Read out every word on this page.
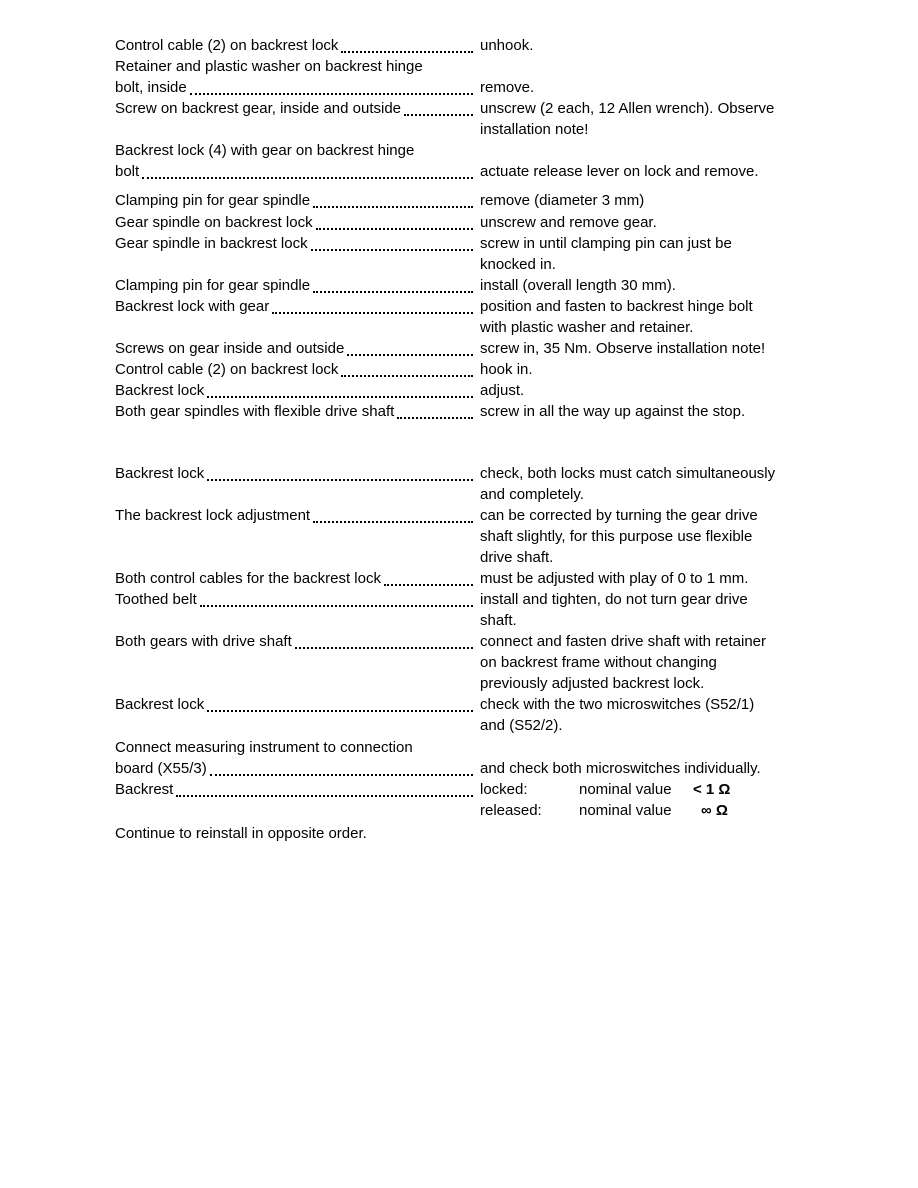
Control cable (2) on backrest lock	unhook.
Retainer and plastic washer on backrest hinge
bolt, inside	remove.
Screw on backrest gear, inside and outside	unscrew (2 each, 12 Allen wrench). Observe
installation note!
Backrest lock (4) with gear on backrest hinge
bolt	actuate release lever on lock and remove.
Clamping pin for gear spindle	remove (diameter 3 mm)
Gear spindle on backrest lock	unscrew and remove gear.
Gear spindle in backrest lock	screw in until clamping pin can just be
knocked in.
Clamping pin for gear spindle	install (overall length 30 mm).
Backrest lock with gear	position and fasten to backrest hinge bolt
with plastic washer and retainer.
Screws on gear inside and outside	screw in, 35 Nm. Observe installation note!
Control cable (2) on backrest lock	hook in.
Backrest lock	adjust.
Both gear spindles with flexible drive shaft	screw in all the way up against the stop.
Backrest lock	check, both locks must catch simultaneously
and completely.
The backrest lock adjustment	can be corrected by turning the gear drive
shaft slightly, for this purpose use flexible
drive shaft.
Both control cables for the backrest lock	must be adjusted with play of 0 to 1 mm.
Toothed belt	install and tighten, do not turn gear drive
shaft.
Both gears with drive shaft	connect and fasten drive shaft with retainer
on backrest frame without changing
previously adjusted backrest lock.
Backrest lock	check with the two microswitches (S52/1)
and (S52/2).
Connect measuring instrument to connection
board (X55/3)	and check both microswitches individually.
Backrest	locked:	nominal value < 1 Ω
released: nominal value ∞ Ω
Continue to reinstall in opposite order.
